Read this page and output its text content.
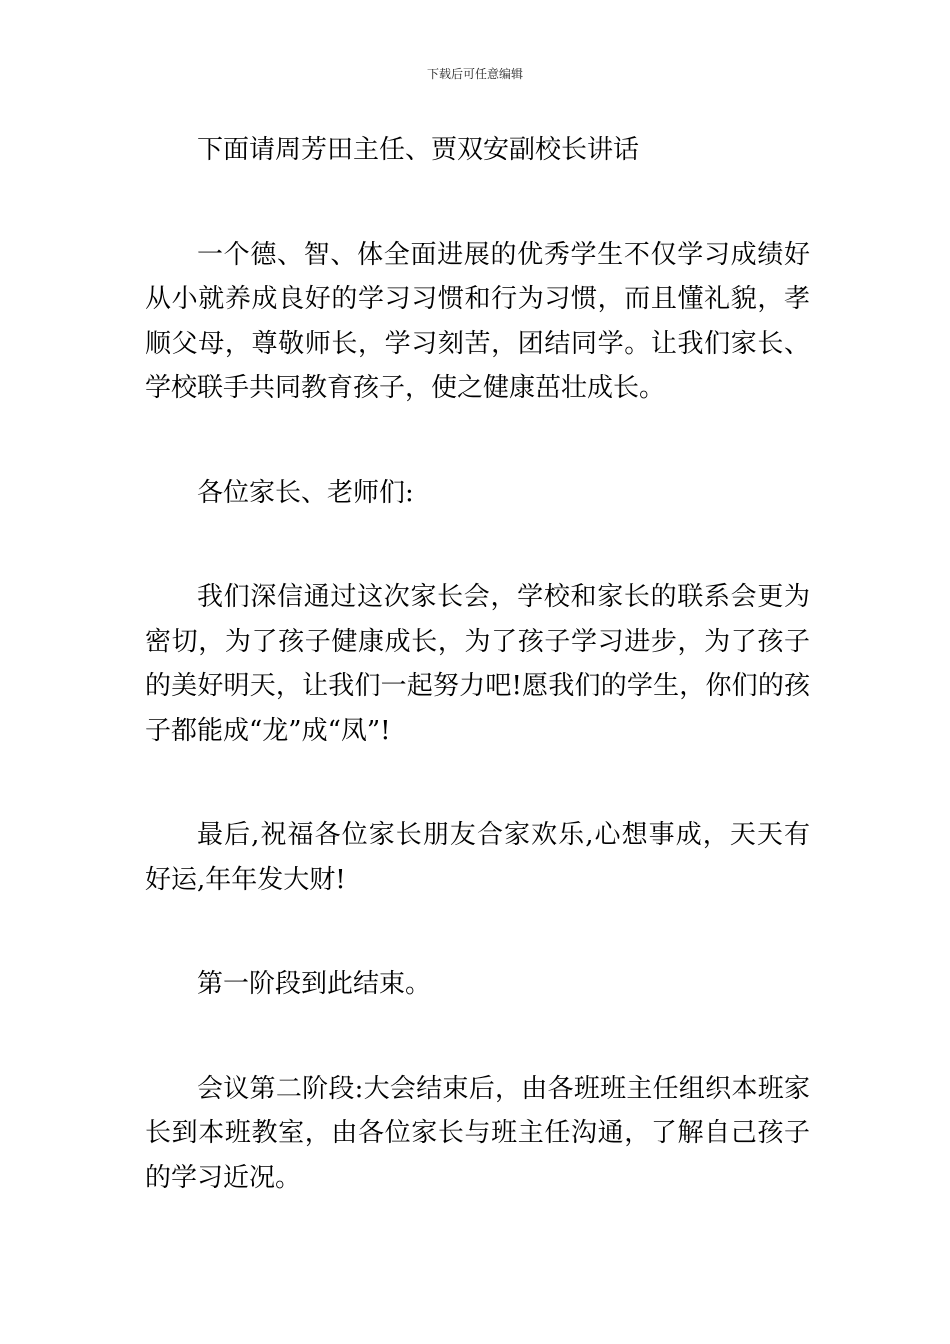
下载后可任意编辑

下面请周芳田主任、贾双安副校长讲话

一个德、智、体全面进展的优秀学生不仅学习成绩好从小就养成良好的学习习惯和行为习惯，而且懂礼貌，孝顺父母，尊敬师长，学习刻苦，团结同学。让我们家长、学校联手共同教育孩子，使之健康茁壮成长。

各位家长、老师们:

我们深信通过这次家长会，学校和家长的联系会更为密切，为了孩子健康成长，为了孩子学习进步，为了孩子的美好明天，让我们一起努力吧!愿我们的学生，你们的孩子都能成“龙”成“凤”!

最后,祝福各位家长朋友合家欢乐,心想事成，天天有好运,年年发大财!

第一阶段到此结束。

会议第二阶段:大会结束后，由各班班主任组织本班家长到本班教室，由各位家长与班主任沟通，了解自己孩子的学习近况。
